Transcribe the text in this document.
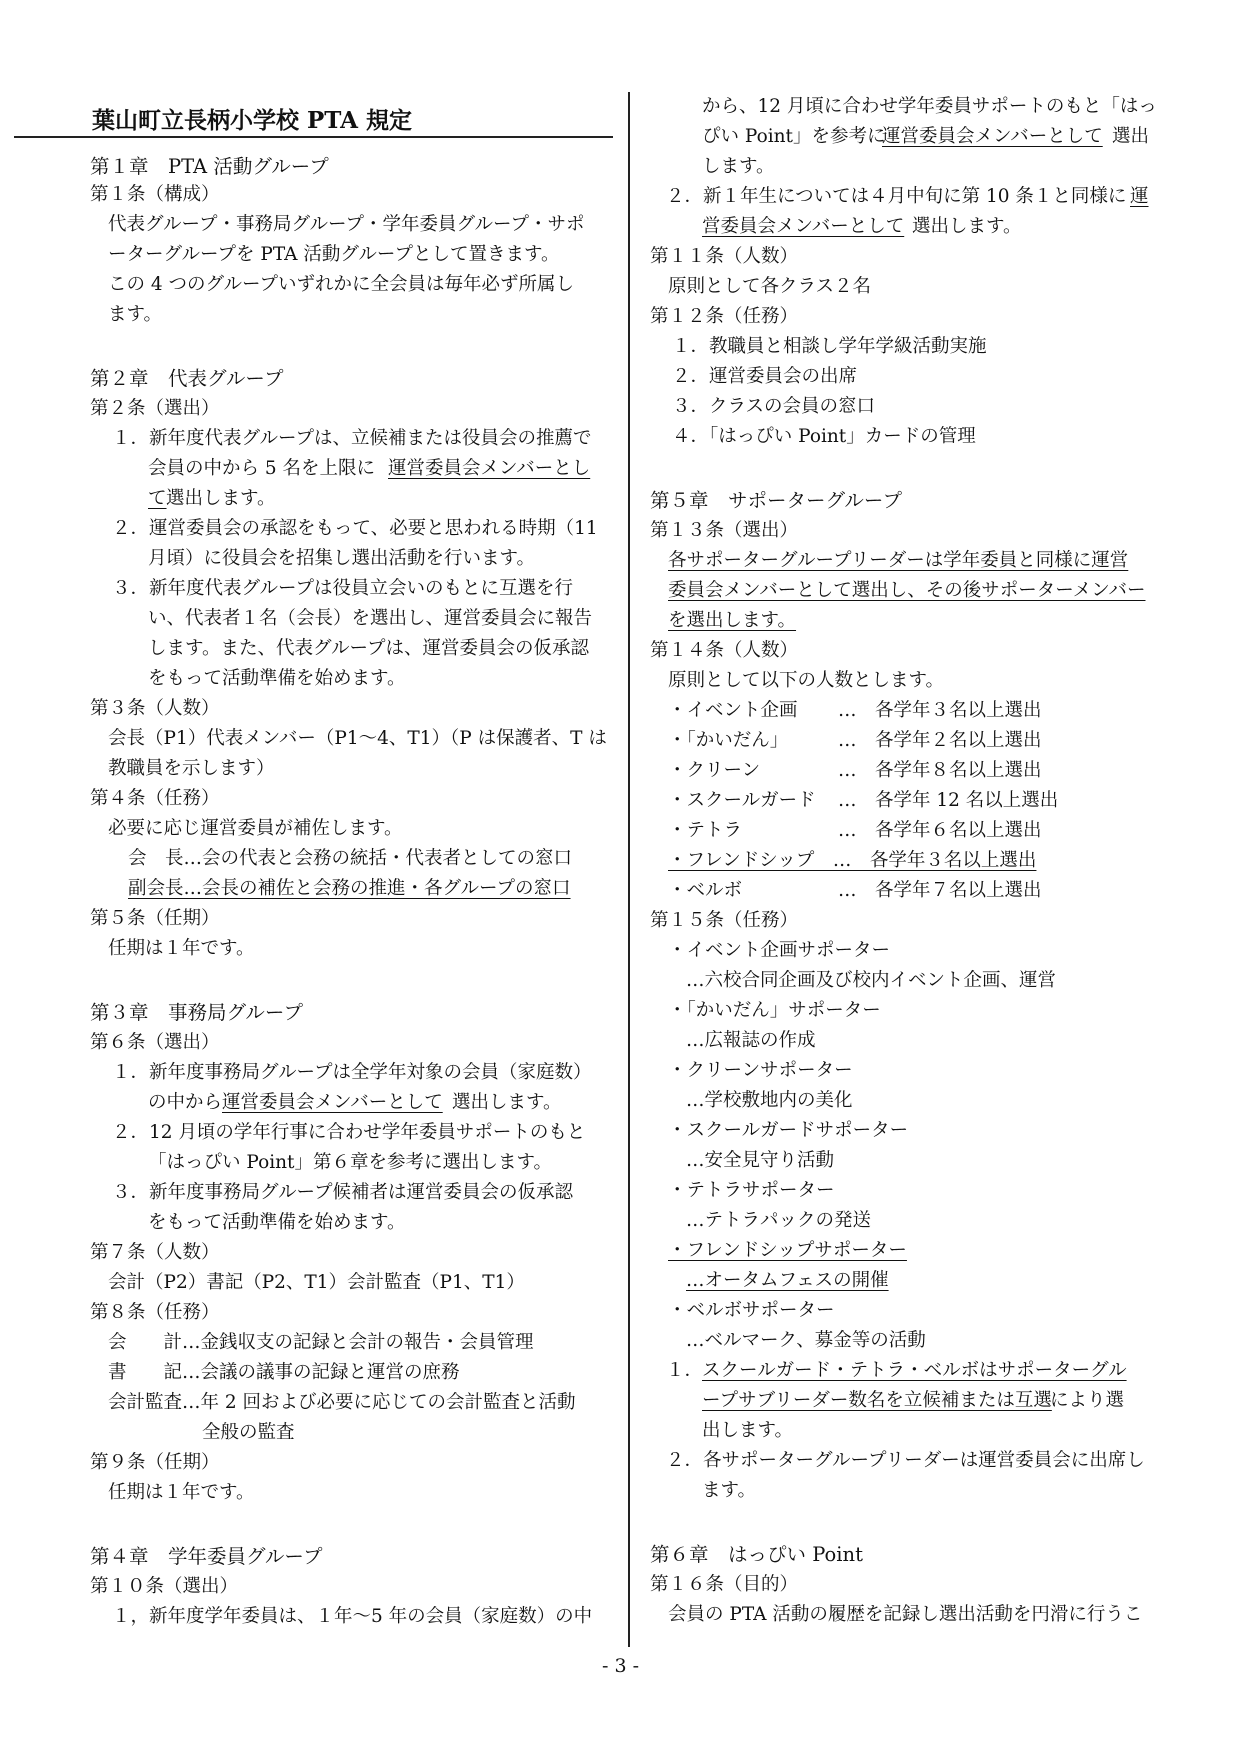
葉山町立長柄小学校 PTA 規定
第１章　PTA 活動グループ
第１条（構成）
代表グループ・事務局グループ・学年委員グループ・サポ
ーターグループを PTA 活動グループとして置きます。
この 4 つのグループいずれかに全会員は毎年必ず所属し
ます。
第２章　代表グループ
第２条（選出）
１．新年度代表グループは、立候補または役員会の推薦で
会員の中から 5 名を上限に 運営委員会メンバーとし
て 選出します。
２．運営委員会の承認をもって、必要と思われる時期（11
月頃）に役員会を招集し選出活動を行います。
３．新年度代表グループは役員立会いのもとに互選を行
い、代表者１名（会長）を選出し、運営委員会に報告
します。また、代表グループは、運営委員会の仮承認
をもって活動準備を始めます。
第３条（人数）
会長（P1）代表メンバー（P1〜4、T1）（P は保護者、T は
教職員を示します）
第４条（任務）
必要に応じ運営委員が補佐します。
会　長…会の代表と会務の統括・代表者としての窓口
副会長…会長の補佐と会務の推進・各グループの窓口
第５条（任期）
任期は１年です。
第３章　事務局グループ
第６条（選出）
１．新年度事務局グループは全学年対象の会員（家庭数）
の中から 運営委員会メンバーとして 選出します。
２．12 月頃の学年行事に合わせ学年委員サポートのもと
「はっぴい Point」第６章を参考に選出します。
３．新年度事務局グループ候補者は運営委員会の仮承認
をもって活動準備を始めます。
第７条（人数）
会計（P2）書記（P2、T1）会計監査（P1、T1）
第８条（任務）
会　　計…金銭収支の記録と会計の報告・会員管理
書　　記…会議の議事の記録と運営の庶務
会計監査…年 2 回および必要に応じての会計監査と活動
全般の監査
第９条（任期）
任期は１年です。
第４章　学年委員グループ
第１０条（選出）
１，新年度学年委員は、１年〜5 年の会員（家庭数）の中
から、12 月頃に合わせ学年委員サポートのもと「はっ
ぴい Point」を参考に
運営委員会メンバーとして 選出
します。
２．新１年生については４月中旬に第 10 条１と同様に 運
営委員会メンバーとして 選出します。
第１１条（人数）
原則として各クラス２名
第１２条（任務）
１．教職員と相談し学年学級活動実施
２．運営委員会の出席
３．クラスの会員の窓口
４．「はっぴい Point」カードの管理
第５章　サポーターグループ
第１３条（選出）
各サポーターグループリーダーは学年委員と同様に運営
委員会メンバーとして選出し、その後サポーターメンバー
を選出します。
第１４条（人数）
原則として以下の人数とします。
・イベント企画 …　各学年３名以上選出
・「かいだん」	…　各学年２名以上選出
・クリーン	…　各学年８名以上選出
・スクールガード …　各学年 12 名以上選出
・テトラ	…　各学年６名以上選出
・フレンドシップ　…　各学年３名以上選出
・ベルボ	…　各学年７名以上選出
第１５条（任務）
・イベント企画サポーター
…六校合同企画及び校内イベント企画、運営
・「かいだん」サポーター
…広報誌の作成
・クリーンサポーター
…学校敷地内の美化
・スクールガードサポーター
…安全見守り活動
・テトラサポーター
…テトラパックの発送
・フレンドシップサポーター
…オータムフェスの開催
・ベルボサポーター
…ベルマーク、募金等の活動
１．
スクールガード・テトラ・ベルボはサポーターグル
ープサブリーダー数名を立候補または互選
により選
出します。
２．各サポーターグループリーダーは運営委員会に出席し
ます。
第６章　はっぴい Point
第１６条（目的）
会員の PTA 活動の履歴を記録し選出活動を円滑に行うこ
- 3 -
